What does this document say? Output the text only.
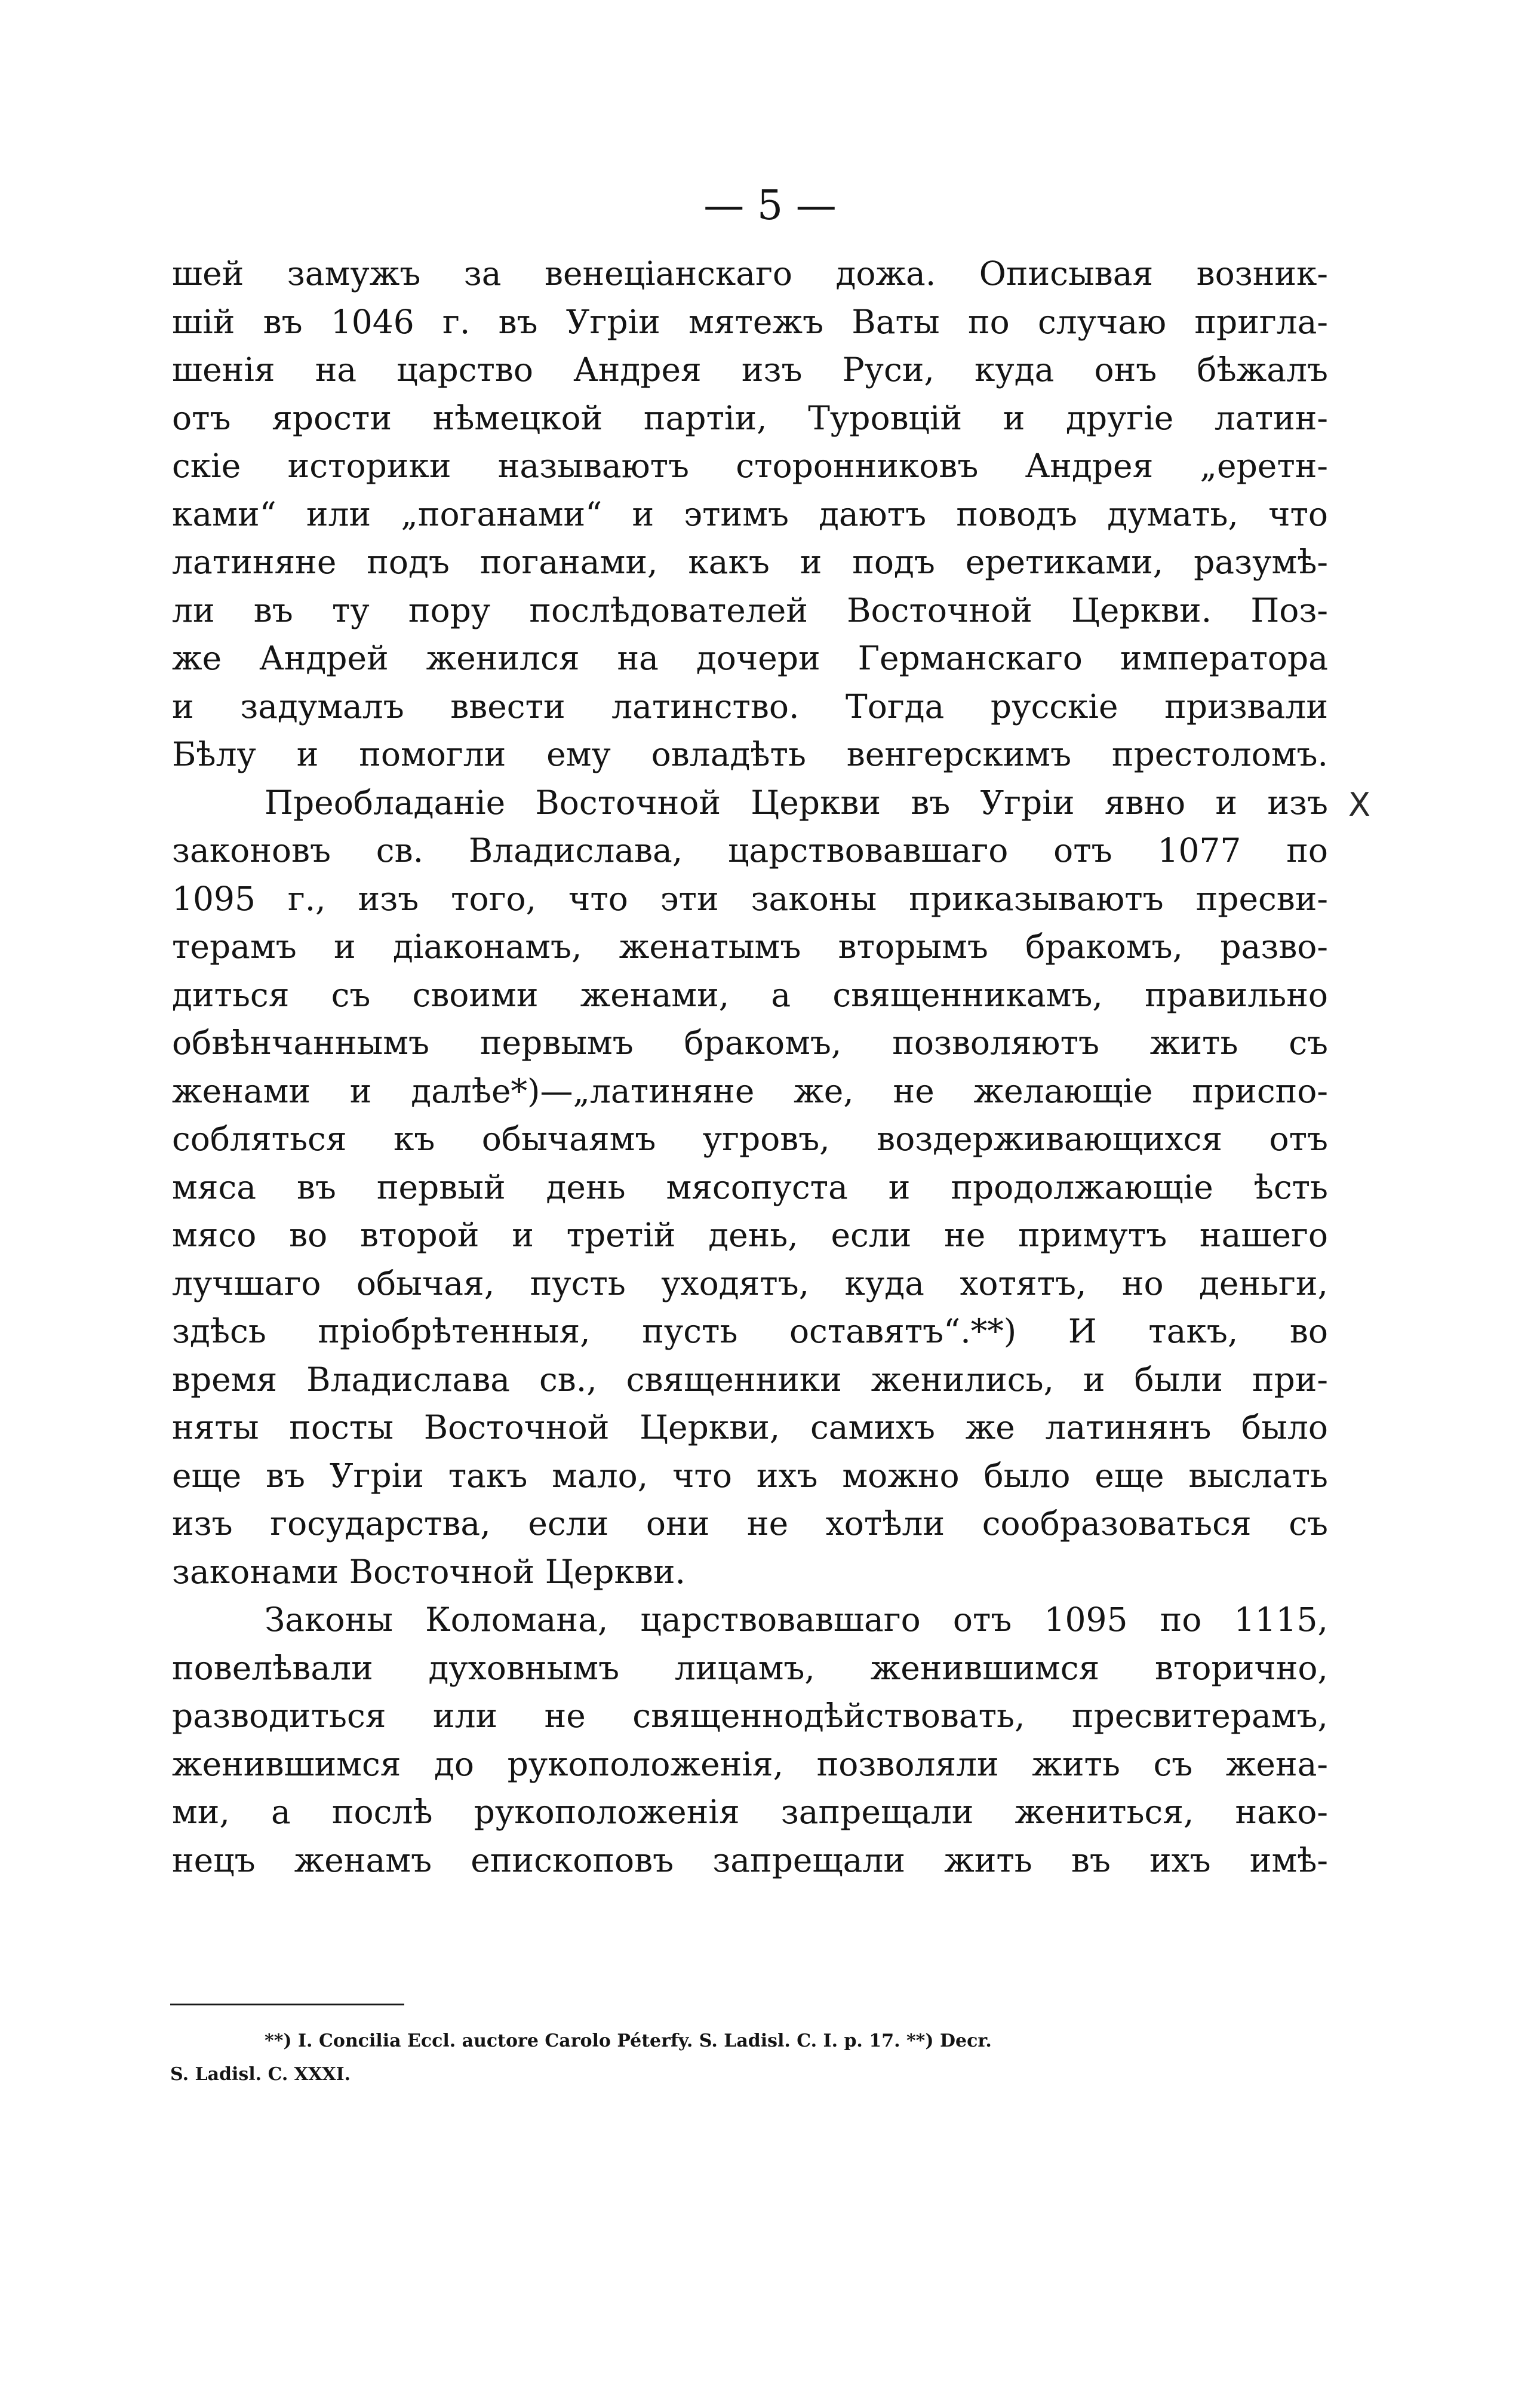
— 5 —
X

шей замужъ за венеціанскаго дожа. Описывая возник-
шій въ 1046 г. въ Угріи мятежъ Ваты по случаю пригла-
шенія на царство Андрея изъ Руси, куда онъ бѣжалъ
отъ ярости нѣмецкой партіи, Туровцій и другіе латин-
скіе историки называютъ сторонниковъ Андрея „еретн-
ками“ или „поганами“ и этимъ даютъ поводъ думать, что
латиняне подъ поганами, какъ и подъ еретиками, разумѣ-
ли въ ту пору послѣдователей Восточной Церкви. Поз-
же Андрей женился на дочери Германскаго императора
и задумалъ ввести латинство. Тогда русскіе призвали
Бѣлу и помогли ему овладѣть венгерскимъ престоломъ.

Преобладаніе Восточной Церкви въ Угріи явно и изъ
законовъ св. Владислава, царствовавшаго отъ 1077 по
1095 г., изъ того, что эти законы приказываютъ пресви-
терамъ и діаконамъ, женатымъ вторымъ бракомъ, разво-
диться съ своими женами, а священникамъ, правильно
обвѣнчаннымъ первымъ бракомъ, позволяютъ жить съ
женами и далѣе*)—„латиняне же, не желающіе приспо-
собляться къ обычаямъ угровъ, воздерживающихся отъ
мяса въ первый день мясопуста и продолжающіе ѣсть
мясо во второй и третій день, если не примутъ нашего
лучшаго обычая, пусть уходятъ, куда хотятъ, но деньги,
здѣсь пріобрѣтенныя, пусть оставятъ“.**) И такъ, во
время Владислава св., священники женились, и были при-
няты посты Восточной Церкви, самихъ же латинянъ было
еще въ Угріи такъ мало, что ихъ можно было еще выслать
изъ государства, если они не хотѣли сообразоваться съ
законами Восточной Церкви.

Законы Коломана, царствовавшаго отъ 1095 по 1115,
повелѣвали духовнымъ лицамъ, женившимся вторично,
разводиться или не священнодѣйствовать, пресвитерамъ,
женившимся до рукоположенія, позволяли жить съ жена-
ми, а послѣ рукоположенія запрещали жениться, нако-
нецъ женамъ епископовъ запрещали жить въ ихъ имѣ-

**) I. Concilia Eccl. auctore Carolo Péterfy. S. Ladisl. C. I. p. 17. **) Decr.
S. Ladisl. C. XXXI.
